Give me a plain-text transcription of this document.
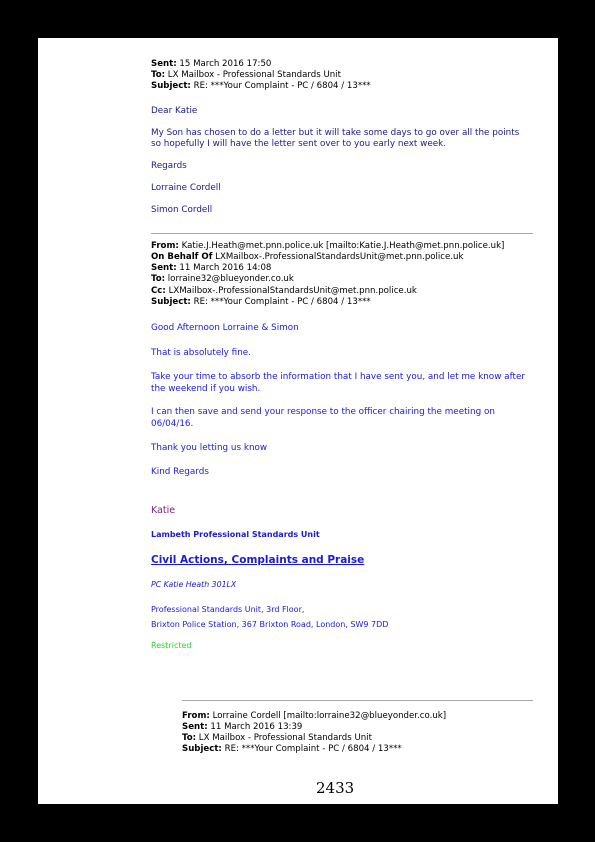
Sent: 15 March 2016 17:50
To: LX Mailbox - Professional Standards Unit
Subject: RE: ***Your Complaint - PC / 6804 / 13***
Dear Katie
My Son has chosen to do a letter but it will take some days to go over all the points
so hopefully I will have the letter sent over to you early next week.
Regards
Lorraine Cordell
Simon Cordell
From: Katie.J.Heath@met.pnn.police.uk [mailto:Katie.J.Heath@met.pnn.police.uk]
On Behalf Of LXMailbox-.ProfessionalStandardsUnit@met.pnn.police.uk
Sent: 11 March 2016 14:08
To: lorraine32@blueyonder.co.uk
Cc: LXMailbox-.ProfessionalStandardsUnit@met.pnn.police.uk
Subject: RE: ***Your Complaint - PC / 6804 / 13***
Good Afternoon Lorraine & Simon
That is absolutely fine.
Take your time to absorb the information that I have sent you, and let me know after
the weekend if you wish.
I can then save and send your response to the officer chairing the meeting on
06/04/16.
Thank you letting us know
Kind Regards
Katie
Lambeth Professional Standards Unit
Civil Actions, Complaints and Praise
PC Katie Heath 301LX
Professional Standards Unit, 3rd Floor,
Brixton Police Station, 367 Brixton Road, London, SW9 7DD
Restricted
From: Lorraine Cordell [mailto:lorraine32@blueyonder.co.uk]
Sent: 11 March 2016 13:39
To: LX Mailbox - Professional Standards Unit
Subject: RE: ***Your Complaint - PC / 6804 / 13***
2433
